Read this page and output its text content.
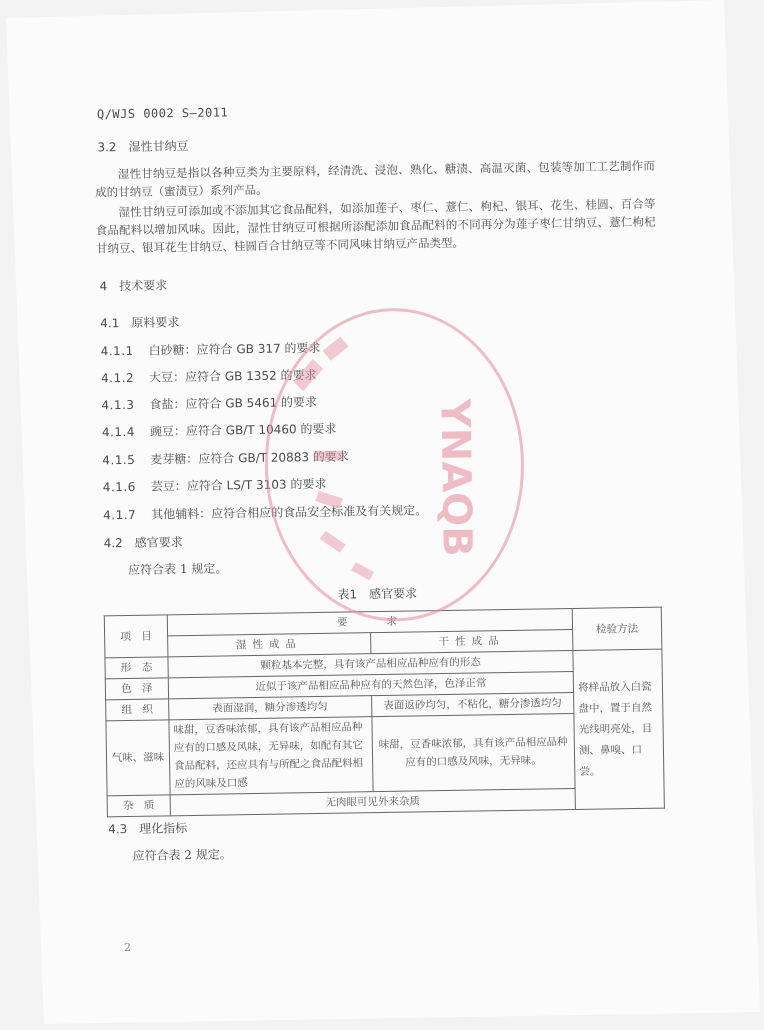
Q/WJS 0002 S—2011
3.2　湿性甘纳豆
湿性甘纳豆是指以各种豆类为主要原料，经清洗、浸泡、熟化、糖渍、高温灭菌、包装等加工工艺制作而成的甘纳豆（蜜渍豆）系列产品。
湿性甘纳豆可添加或不添加其它食品配料，如添加莲子、枣仁、薏仁、枸杞、银耳、花生、桂圆、百合等食品配料以增加风味。因此，湿性甘纳豆可根据所添配添加食品配料的不同再分为莲子枣仁甘纳豆、薏仁枸杞甘纳豆、银耳花生甘纳豆、桂圆百合甘纳豆等不同风味甘纳豆产品类型。
4　技术要求
4.1　原料要求
4.1.1 白砂糖：应符合 GB 317 的要求
4.1.2 大豆：应符合 GB 1352 的要求
4.1.3 食盐：应符合 GB 5461 的要求
4.1.4 豌豆：应符合 GB/T 10460 的要求
4.1.5 麦芽糖：应符合 GB/T 20883 的要求
4.1.6 芸豆：应符合 LS/T 3103 的要求
4.1.7 其他辅料：应符合相应的食品安全标准及有关规定。
4.2　感官要求
应符合表 1 规定。
表1　感官要求
项　目	要　　求		检验方法
	湿性成品	干性成品	
形　态	颗粒基本完整，具有该产品相应品种应有的形态		将样品放入白瓷盘中，置于自然光线明亮处，目测、鼻嗅、口尝。
色　泽	近似于该产品相应品种应有的天然色泽，色泽正常		
组　织	表面湿润，糖分渗透均匀	表面返砂均匀，不粘化，糖分渗透均匀	
气味、滋味	味甜，豆香味浓郁，具有该产品相应品种应有的口感及风味，无异味，如配有其它食品配料，还应具有与所配之食品配料相应的风味及口感	味甜，豆香味浓郁，具有该产品相应品种应有的口感及风味，无异味。	
杂　质	无肉眼可见外来杂质		
4.3　理化指标
应符合表 2 规定。
2
YNAQB
